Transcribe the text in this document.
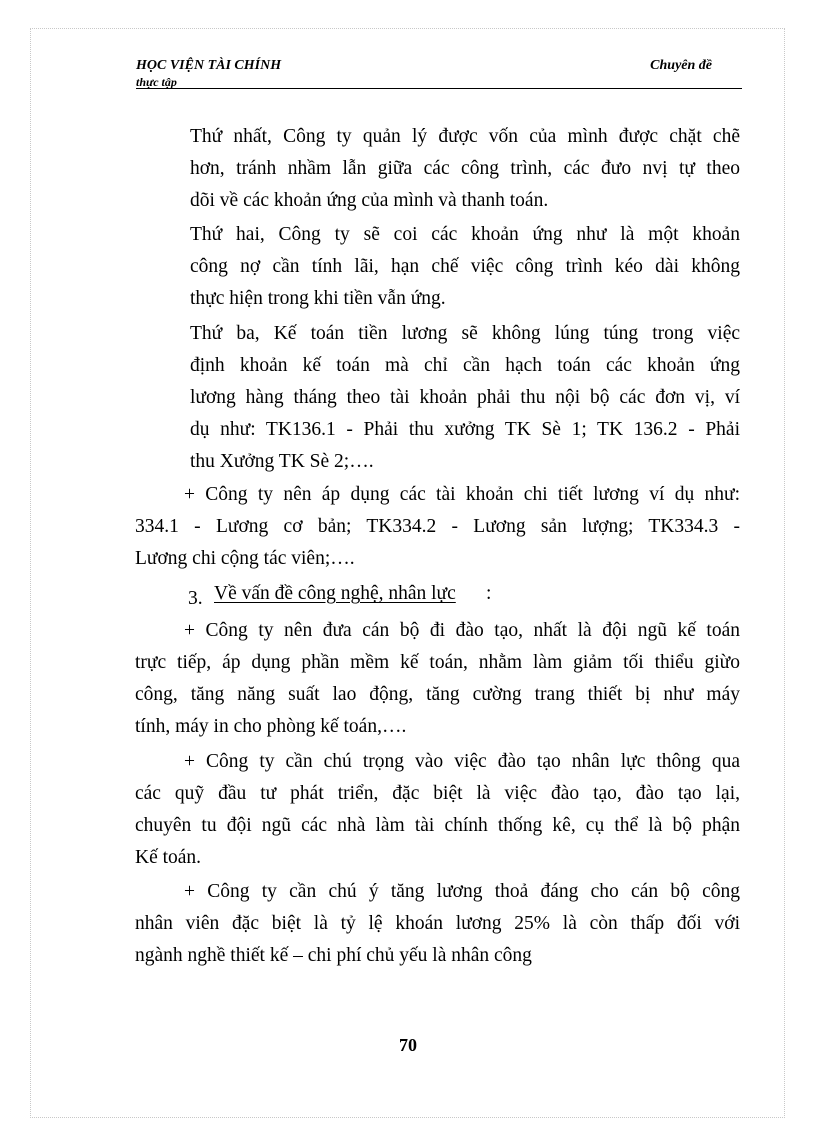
HỌC VIỆN TÀI CHÍNH
thực tập
Chuyên đề
Thứ nhất, Công ty quản lý được vốn của mình được chặt chẽ
hơn, tránh nhầm lẫn giữa các công trình, các đưo nvị tự theo
dõi về các khoản ứng của mình và thanh toán.
Thứ hai, Công ty sẽ coi các khoản ứng như là một khoản
công nợ cần tính lãi, hạn chế việc công trình kéo dài không
thực hiện trong khi tiền vẫn ứng.
Thứ ba, Kế toán tiền lương sẽ không lúng túng trong việc
định khoản kế toán mà chỉ cần hạch toán các khoản ứng
lương hàng tháng theo tài khoản phải thu nội bộ các đơn vị, ví
dụ như: TK136.1 - Phải thu xưởng TK Sè 1; TK 136.2 - Phải
thu Xưởng TK Sè 2;….
+ Công ty nên áp dụng các tài khoản chi tiết lương ví dụ như:
334.1 - Lương cơ bản; TK334.2 - Lương sản lượng; TK334.3 -
Lương chi cộng tác viên;….
3. Về vấn đề công nghệ, nhân lực :
+ Công ty nên đưa cán bộ đi đào tạo, nhất là đội ngũ kế toán
trực tiếp, áp dụng phần mềm kế toán, nhằm làm giảm tối thiểu giừo
công, tăng năng suất lao động, tăng cường trang thiết bị như máy
tính, máy in cho phòng kế toán,….
+ Công ty cần chú trọng vào việc đào tạo nhân lực thông qua
các quỹ đầu tư phát triển, đặc biệt là việc đào tạo, đào tạo lại,
chuyên tu đội ngũ các nhà làm tài chính thống kê, cụ thể là bộ phận
Kế toán.
+ Công ty cần chú ý tăng lương thoả đáng cho cán bộ công
nhân viên đặc biệt là tỷ lệ khoán lương 25% là còn thấp đối với
ngành nghề thiết kế – chi phí chủ yếu là nhân công
70
